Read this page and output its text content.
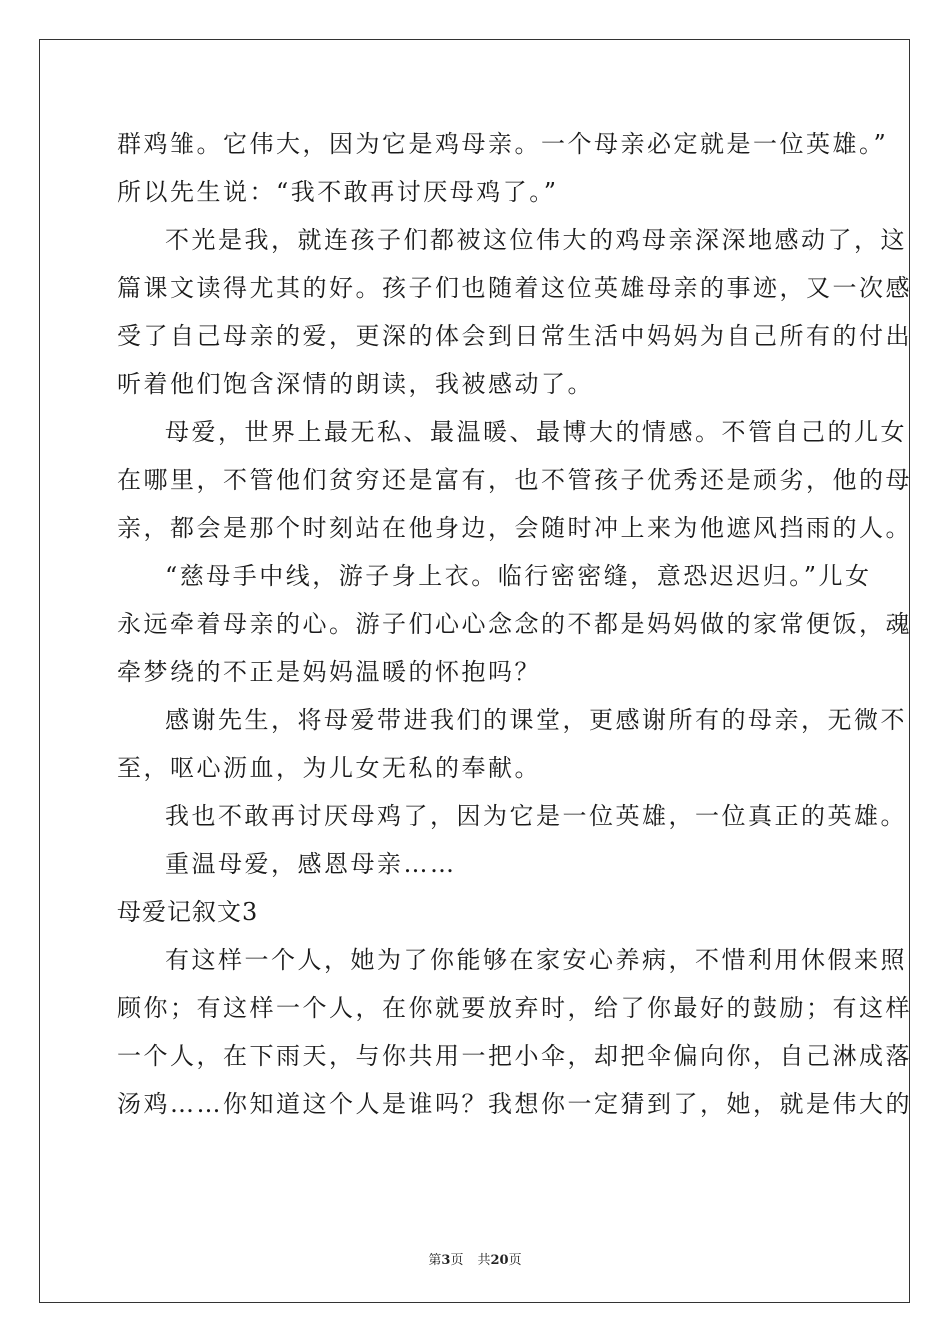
群鸡雏。它伟大，因为它是鸡母亲。一个母亲必定就是一位英雄。”
所以先生说：“我不敢再讨厌母鸡了。”
不光是我，就连孩子们都被这位伟大的鸡母亲深深地感动了，这
篇课文读得尤其的好。孩子们也随着这位英雄母亲的事迹，又一次感
受了自己母亲的爱，更深的体会到日常生活中妈妈为自己所有的付出
听着他们饱含深情的朗读，我被感动了。
母爱，世界上最无私、最温暖、最博大的情感。不管自己的儿女
在哪里，不管他们贫穷还是富有，也不管孩子优秀还是顽劣，他的母
亲，都会是那个时刻站在他身边，会随时冲上来为他遮风挡雨的人。
“慈母手中线，游子身上衣。临行密密缝，意恐迟迟归。”儿女
永远牵着母亲的心。游子们心心念念的不都是妈妈做的家常便饭，魂
牵梦绕的不正是妈妈温暖的怀抱吗？
感谢先生，将母爱带进我们的课堂，更感谢所有的母亲，无微不
至，呕心沥血，为儿女无私的奉献。
我也不敢再讨厌母鸡了，因为它是一位英雄，一位真正的英雄。
重温母爱，感恩母亲……
母爱记叙文3
有这样一个人，她为了你能够在家安心养病，不惜利用休假来照
顾你；有这样一个人，在你就要放弃时，给了你最好的鼓励；有这样
一个人，在下雨天，与你共用一把小伞，却把伞偏向你，自己淋成落
汤鸡……你知道这个人是谁吗？我想你一定猜到了，她，就是伟大的
第3页 共20页
